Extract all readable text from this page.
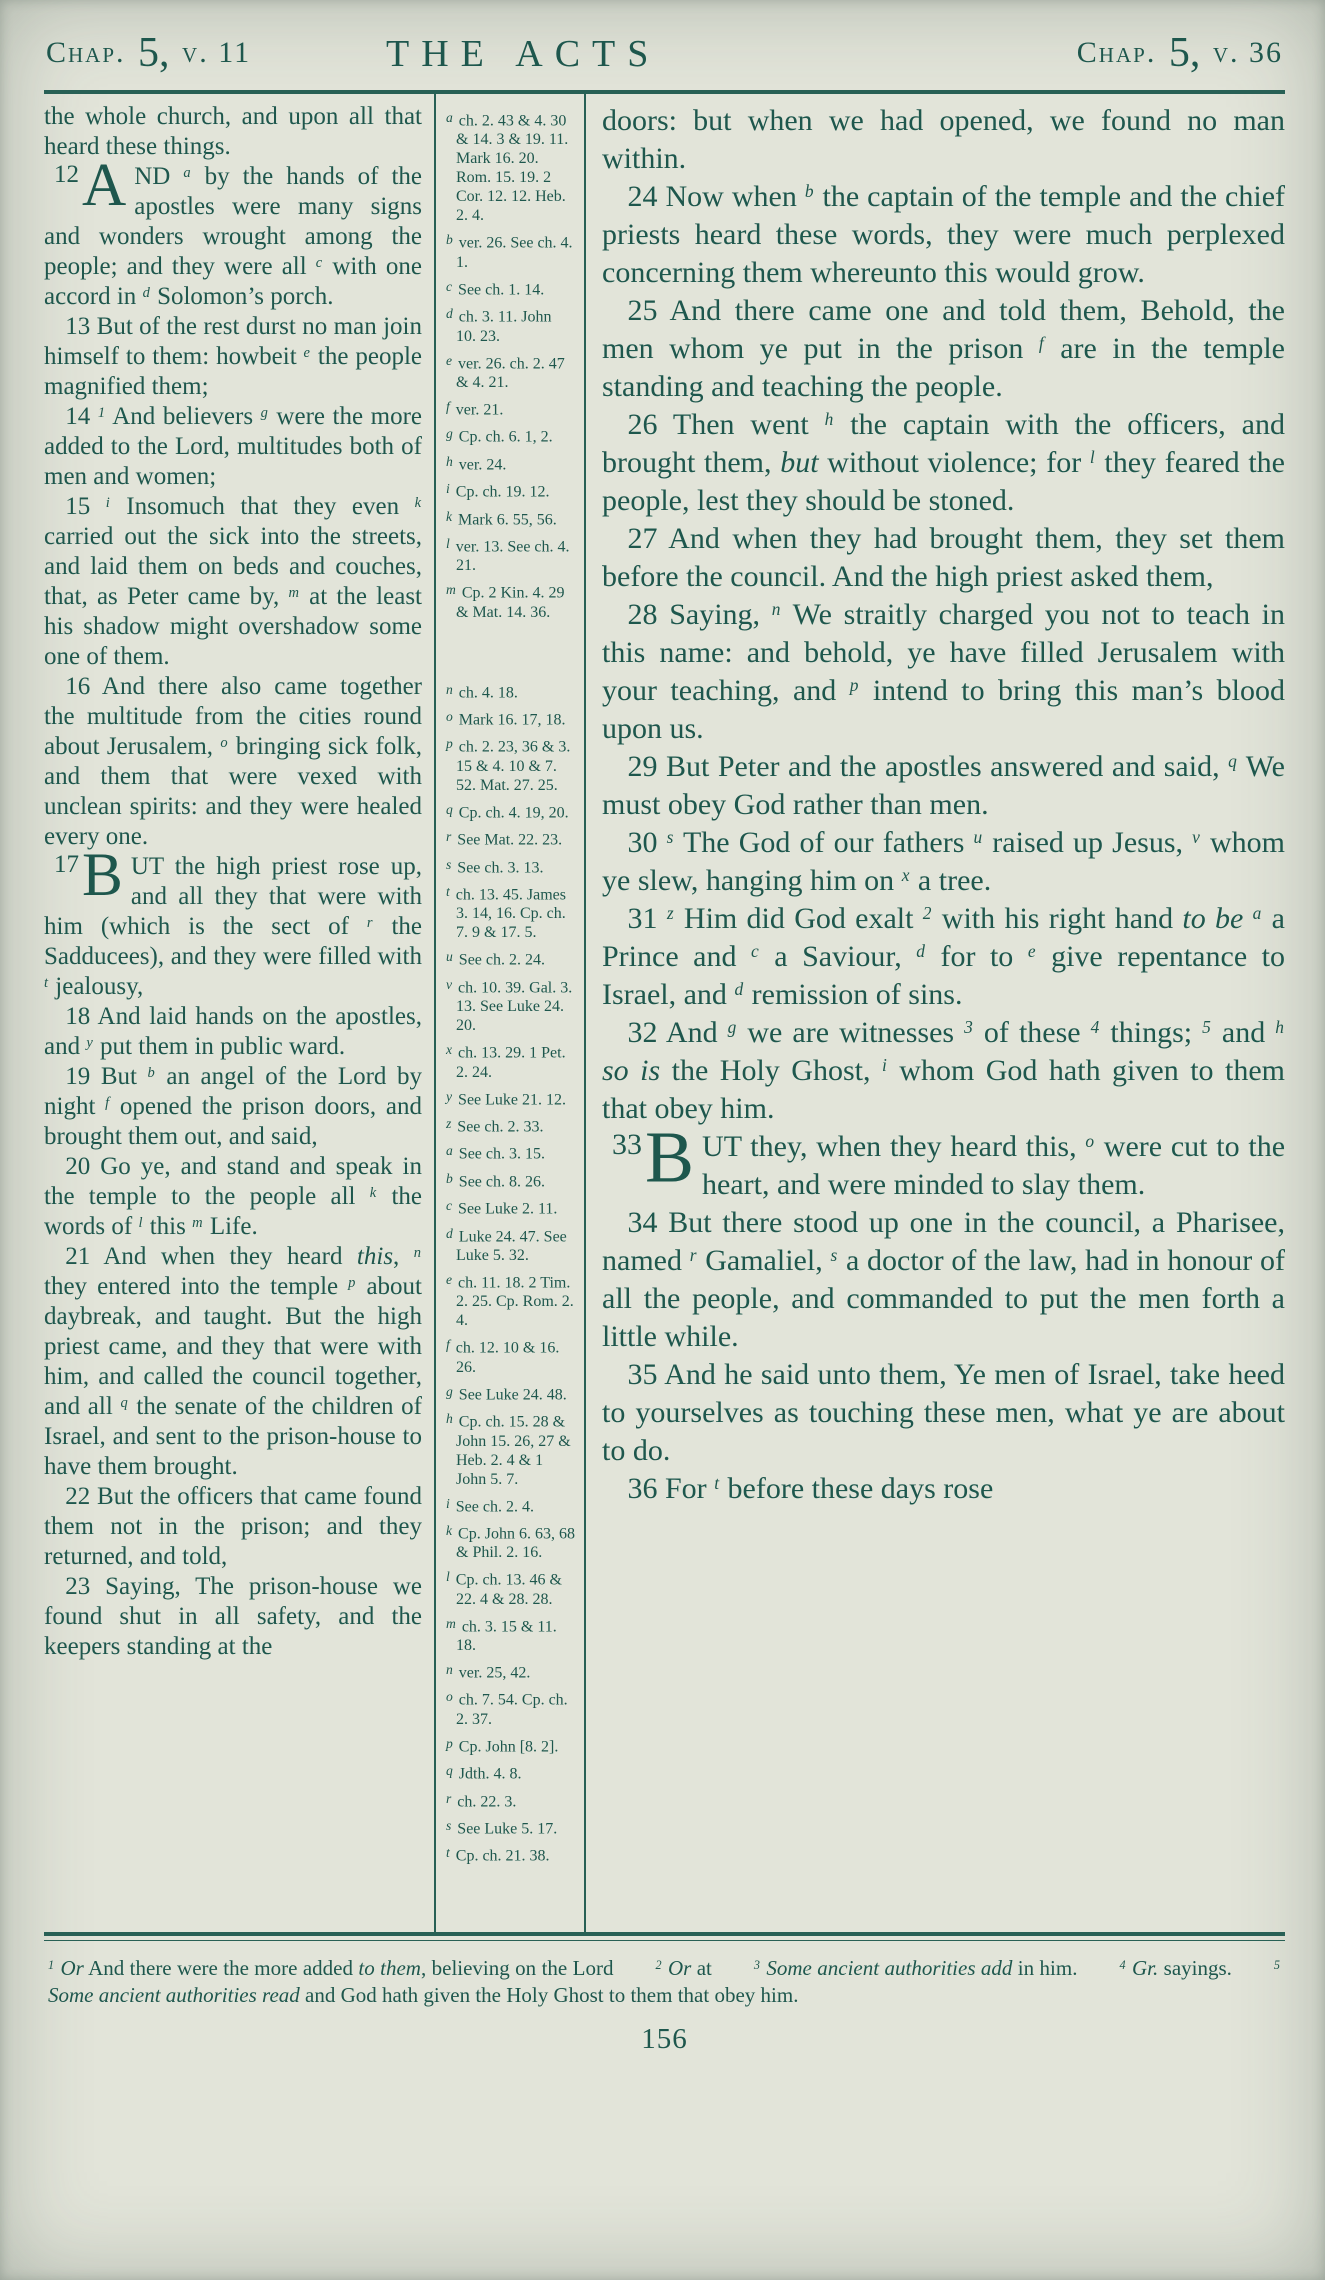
Chap. 5, v. 11	THE ACTS	Chap. 5, v. 36

the whole church, and upon all that heard these things.

12A ND $^a$ by the hands of the apostles were many signs and wonders wrought among the people; and they were all $^c$ with one accord in $^d$ Solomon’s porch.

13 But of the rest durst no man join himself to them: howbeit $^e$ the people magnified them;

14 $^1$ And believers $^g$ were the more added to the Lord, multitudes both of men and women;

15 $^i$ Insomuch that they even $^k$ carried out the sick into the streets, and laid them on beds and couches, that, as Peter came by, $^m$ at the least his shadow might overshadow some one of them.

16 And there also came together the multitude from the cities round about Jerusalem, $^o$ bringing sick folk, and them that were vexed with unclean spirits: and they were healed every one.

17B UT the high priest rose up, and all they that were with him (which is the sect of $^r$ the Sadducees), and they were filled with $^t$ jealousy,

18 And laid hands on the apostles, and $^y$ put them in public ward.

19 But $^b$ an angel of the Lord by night $^f$ opened the prison doors, and brought them out, and said,

20 Go ye, and stand and speak in the temple to the people all $^k$ the words of $^l$ this $^m$ Life.

21 And when they heard this, $^n$ they entered into the temple $^p$ about daybreak, and taught. But the high priest came, and they that were with him, and called the council together, and all $^q$ the senate of the children of Israel, and sent to the prison-house to have them brought.

22 But the officers that came found them not in the prison; and they returned, and told,

23 Saying, The prison-house we found shut in all safety, and the keepers standing at the

$^a$ ch. 2. 43 & 4. 30 & 14. 3 & 19. 11. Mark 16. 20. Rom. 15. 19. 2 Cor. 12. 12. Heb. 2. 4.
$^b$ ver. 26. See ch. 4. 1.
$^c$ See ch. 1. 14.
$^d$ ch. 3. 11. John 10. 23.
$^e$ ver. 26. ch. 2. 47 & 4. 21.
$^f$ ver. 21.
$^g$ Cp. ch. 6. 1, 2.
$^h$ ver. 24.
$^i$ Cp. ch. 19. 12.
$^k$ Mark 6. 55, 56.
$^l$ ver. 13. See ch. 4. 21.
$^m$ Cp. 2 Kin. 4. 29 & Mat. 14. 36.
$^n$ ch. 4. 18.
$^o$ Mark 16. 17, 18.
$^p$ ch. 2. 23, 36 & 3. 15 & 4. 10 & 7. 52. Mat. 27. 25.
$^q$ Cp. ch. 4. 19, 20.
$^r$ See Mat. 22. 23.
$^s$ See ch. 3. 13.
$^t$ ch. 13. 45. James 3. 14, 16. Cp. ch. 7. 9 & 17. 5.
$^u$ See ch. 2. 24.
$^v$ ch. 10. 39. Gal. 3. 13. See Luke 24. 20.
$^x$ ch. 13. 29. 1 Pet. 2. 24.
$^y$ See Luke 21. 12.
$^z$ See ch. 2. 33.
$^a$ See ch. 3. 15.
$^b$ See ch. 8. 26.
$^c$ See Luke 2. 11.
$^d$ Luke 24. 47. See Luke 5. 32.
$^e$ ch. 11. 18. 2 Tim. 2. 25. Cp. Rom. 2. 4.
$^f$ ch. 12. 10 & 16. 26.
$^g$ See Luke 24. 48.
$^h$ Cp. ch. 15. 28 & John 15. 26, 27 & Heb. 2. 4 & 1 John 5. 7.
$^i$ See ch. 2. 4.
$^k$ Cp. John 6. 63, 68 & Phil. 2. 16.
$^l$ Cp. ch. 13. 46 & 22. 4 & 28. 28.
$^m$ ch. 3. 15 & 11. 18.
$^n$ ver. 25, 42.
$^o$ ch. 7. 54. Cp. ch. 2. 37.
$^p$ Cp. John [8. 2].
$^q$ Jdth. 4. 8.
$^r$ ch. 22. 3.
$^s$ See Luke 5. 17.
$^t$ Cp. ch. 21. 38.

doors: but when we had opened, we found no man within.

24 Now when $^b$ the captain of the temple and the chief priests heard these words, they were much perplexed concerning them whereunto this would grow.

25 And there came one and told them, Behold, the men whom ye put in the prison $^f$ are in the temple standing and teaching the people.

26 Then went $^h$ the captain with the officers, and brought them, but without violence; for $^l$ they feared the people, lest they should be stoned.

27 And when they had brought them, they set them before the council. And the high priest asked them,

28 Saying, $^n$ We straitly charged you not to teach in this name: and behold, ye have filled Jerusalem with your teaching, and $^p$ intend to bring this man’s blood upon us.

29 But Peter and the apostles answered and said, $^q$ We must obey God rather than men.

30 $^s$ The God of our fathers $^u$ raised up Jesus, $^v$ whom ye slew, hanging him on $^x$ a tree.

31 $^z$ Him did God exalt $^2$ with his right hand to be $^a$ a Prince and $^c$ a Saviour, $^d$ for to $^e$ give repentance to Israel, and $^d$ remission of sins.

32 And $^g$ we are witnesses $^3$ of these $^4$ things; $^5$ and $^h$ so is the Holy Ghost, $^i$ whom God hath given to them that obey him.

33B UT they, when they heard this, $^o$ were cut to the heart, and were minded to slay them.

34 But there stood up one in the council, a Pharisee, named $^r$ Gamaliel, $^s$ a doctor of the law, had in honour of all the people, and commanded to put the men forth a little while.

35 And he said unto them, Ye men of Israel, take heed to yourselves as touching these men, what ye are about to do.

36 For $^t$ before these days rose

$^1$ Or And there were the more added to them, believing on the Lord  $^2$ Or at  $^3$ Some ancient authorities add in him.  $^4$ Gr. sayings.  $^5$ Some ancient authorities read and God hath given the Holy Ghost to them that obey him.
156
